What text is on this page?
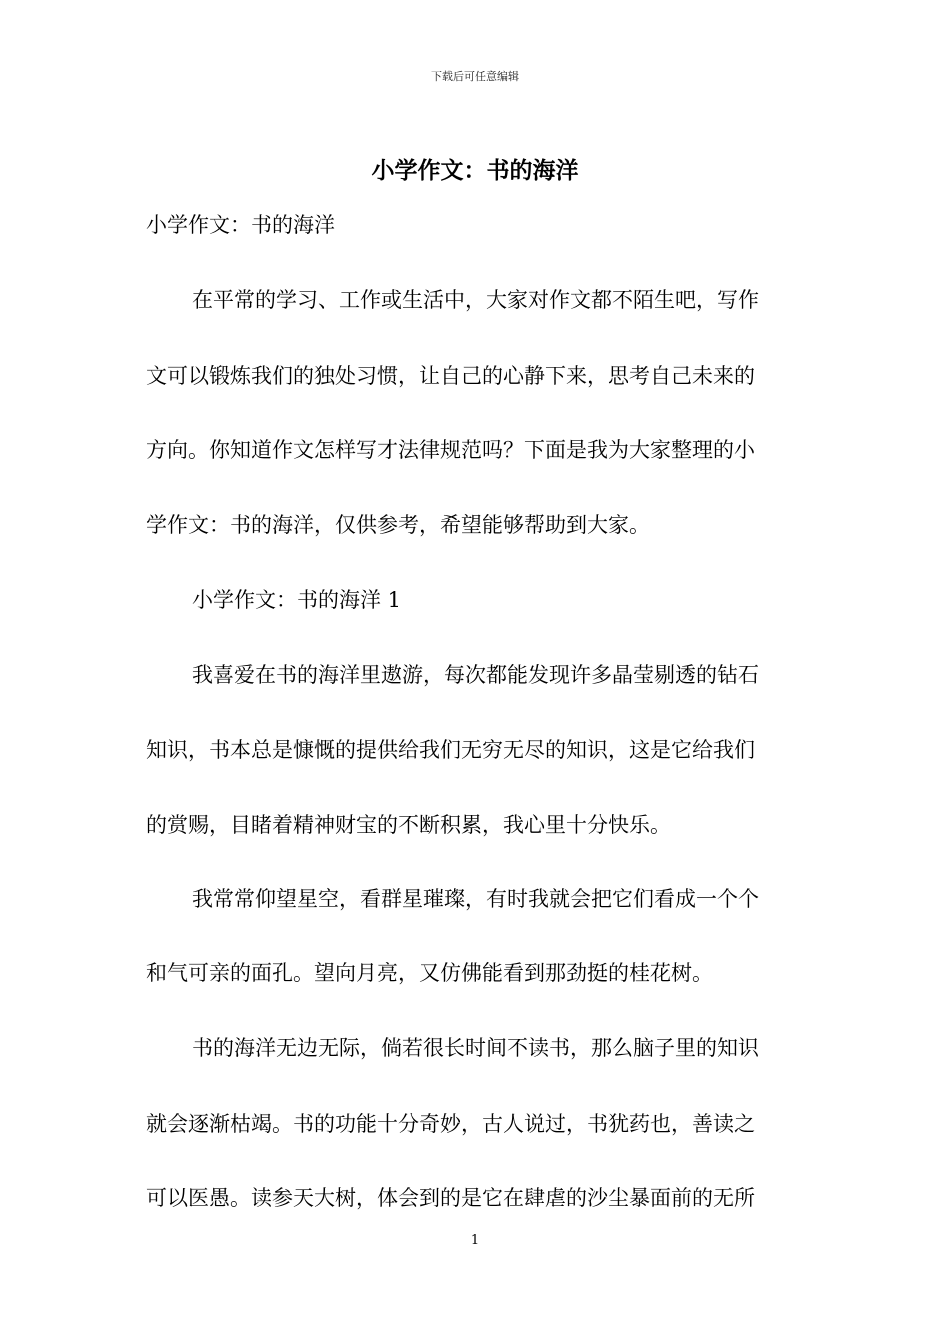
下载后可任意编辑
小学作文：书的海洋

小学作文：书的海洋

在平常的学习、工作或生活中，大家对作文都不陌生吧，写作

文可以锻炼我们的独处习惯，让自己的心静下来，思考自己未来的

方向。你知道作文怎样写才法律规范吗？下面是我为大家整理的小

学作文：书的海洋，仅供参考，希望能够帮助到大家。

小学作文：书的海洋 1

我喜爱在书的海洋里遨游，每次都能发现许多晶莹剔透的钻石

知识，书本总是慷慨的提供给我们无穷无尽的知识，这是它给我们

的赏赐，目睹着精神财宝的不断积累，我心里十分快乐。

我常常仰望星空，看群星璀璨，有时我就会把它们看成一个个

和气可亲的面孔。望向月亮，又仿佛能看到那劲挺的桂花树。

书的海洋无边无际，倘若很长时间不读书，那么脑子里的知识

就会逐渐枯竭。书的功能十分奇妙，古人说过，书犹药也，善读之

可以医愚。读参天大树，体会到的是它在肆虐的沙尘暴面前的无所

1
